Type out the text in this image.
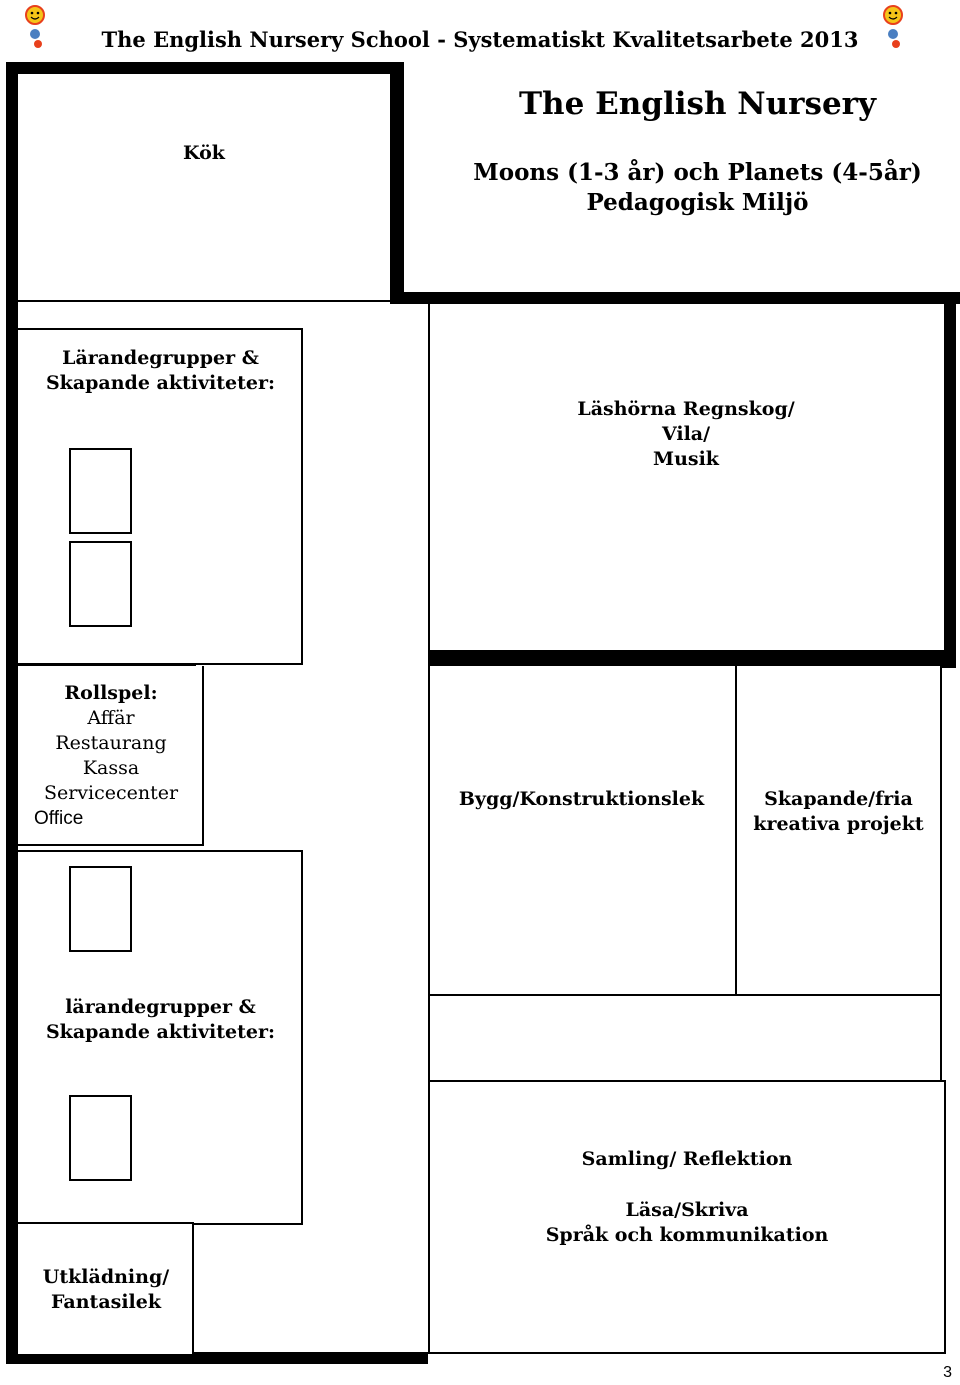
The English Nursery School - Systematiskt Kvalitetsarbete 2013
The English Nursery
Moons (1-3 år) och Planets (4-5år)
Pedagogisk Miljö
Kök
Lärandegrupper &
Skapande aktiviteter:
Läshörna Regnskog/
Vila/
Musik
Rollspel:
Affär
Restaurang
Kassa
Servicecenter
Office
Bygg/Konstruktionslek	Skapande/fria
kreativa projekt
lärandegrupper &
Skapande aktiviteter:
Samling/ Reflektion
Läsa/Skriva
Språk och kommunikation
Utklädning/
Fantasilek
3
